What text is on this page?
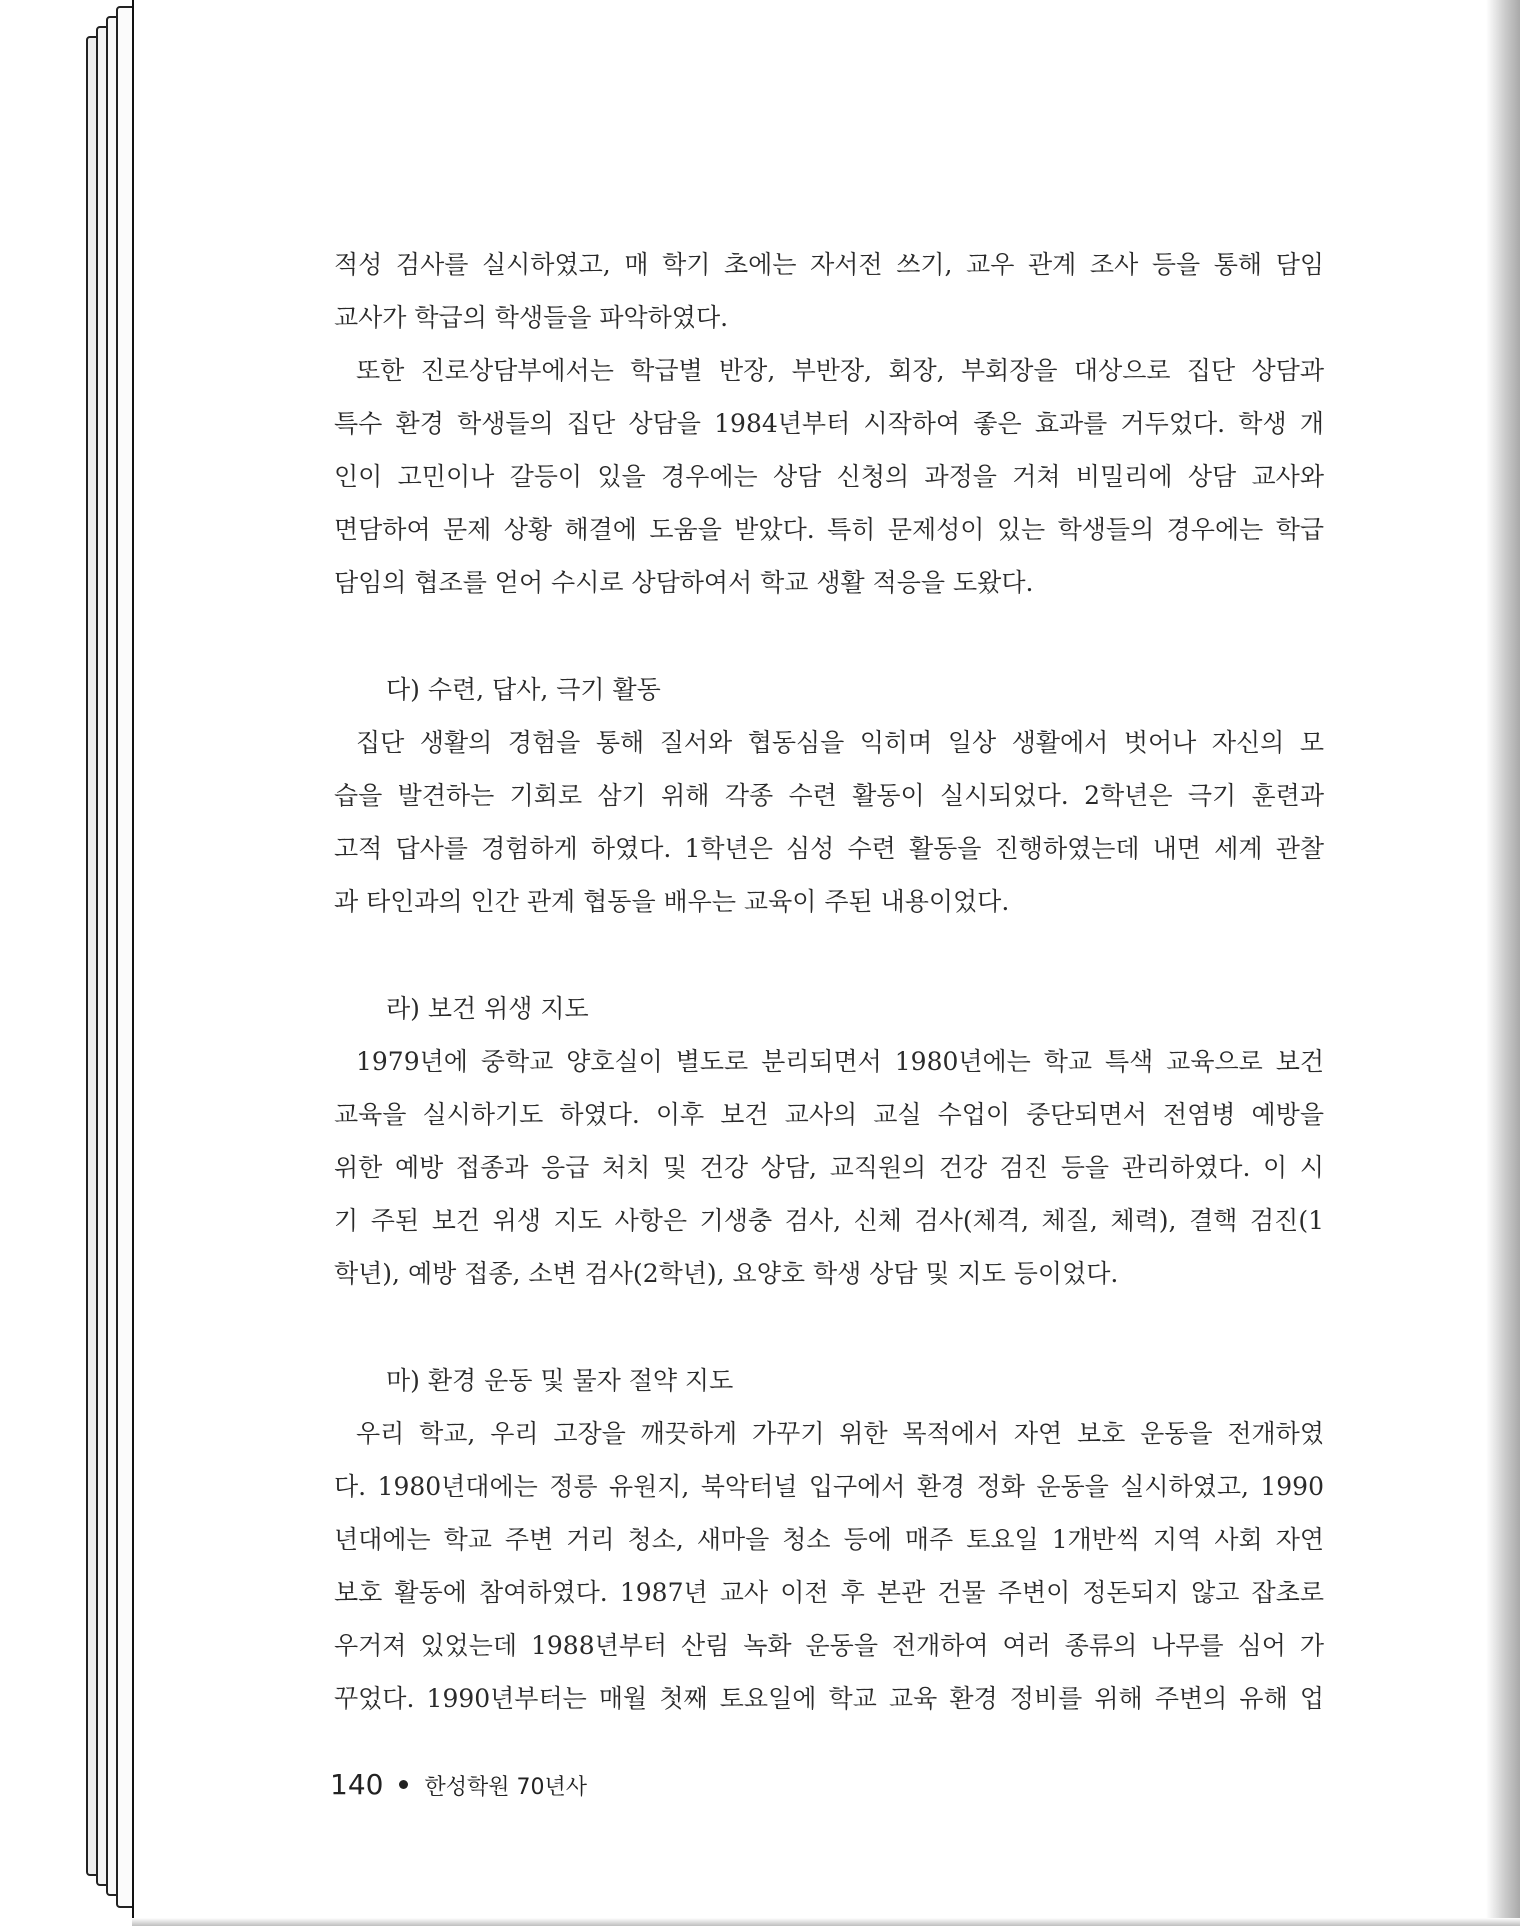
적성 검사를 실시하였고, 매 학기 초에는 자서전 쓰기, 교우 관계 조사 등을 통해 담임

교사가 학급의 학생들을 파악하였다.

또한 진로상담부에서는 학급별 반장, 부반장, 회장, 부회장을 대상으로 집단 상담과

특수 환경 학생들의 집단 상담을 1984년부터 시작하여 좋은 효과를 거두었다. 학생 개

인이 고민이나 갈등이 있을 경우에는 상담 신청의 과정을 거쳐 비밀리에 상담 교사와

면담하여 문제 상황 해결에 도움을 받았다. 특히 문제성이 있는 학생들의 경우에는 학급

담임의 협조를 얻어 수시로 상담하여서 학교 생활 적응을 도왔다.

다) 수련, 답사, 극기 활동

집단 생활의 경험을 통해 질서와 협동심을 익히며 일상 생활에서 벗어나 자신의 모

습을 발견하는 기회로 삼기 위해 각종 수련 활동이 실시되었다. 2학년은 극기 훈련과

고적 답사를 경험하게 하였다. 1학년은 심성 수련 활동을 진행하였는데 내면 세계 관찰

과 타인과의 인간 관계 협동을 배우는 교육이 주된 내용이었다.

라) 보건 위생 지도

1979년에 중학교 양호실이 별도로 분리되면서 1980년에는 학교 특색 교육으로 보건

교육을 실시하기도 하였다. 이후 보건 교사의 교실 수업이 중단되면서 전염병 예방을

위한 예방 접종과 응급 처치 및 건강 상담, 교직원의 건강 검진 등을 관리하였다. 이 시

기 주된 보건 위생 지도 사항은 기생충 검사, 신체 검사(체격, 체질, 체력), 결핵 검진(1

학년), 예방 접종, 소변 검사(2학년), 요양호 학생 상담 및 지도 등이었다.

마) 환경 운동 및 물자 절약 지도

우리 학교, 우리 고장을 깨끗하게 가꾸기 위한 목적에서 자연 보호 운동을 전개하였

다. 1980년대에는 정릉 유원지, 북악터널 입구에서 환경 정화 운동을 실시하였고, 1990

년대에는 학교 주변 거리 청소, 새마을 청소 등에 매주 토요일 1개반씩 지역 사회 자연

보호 활동에 참여하였다. 1987년 교사 이전 후 본관 건물 주변이 정돈되지 않고 잡초로

우거져 있었는데 1988년부터 산림 녹화 운동을 전개하여 여러 종류의 나무를 심어 가

꾸었다. 1990년부터는 매월 첫째 토요일에 학교 교육 환경 정비를 위해 주변의 유해 업

140 한성학원 70년사
